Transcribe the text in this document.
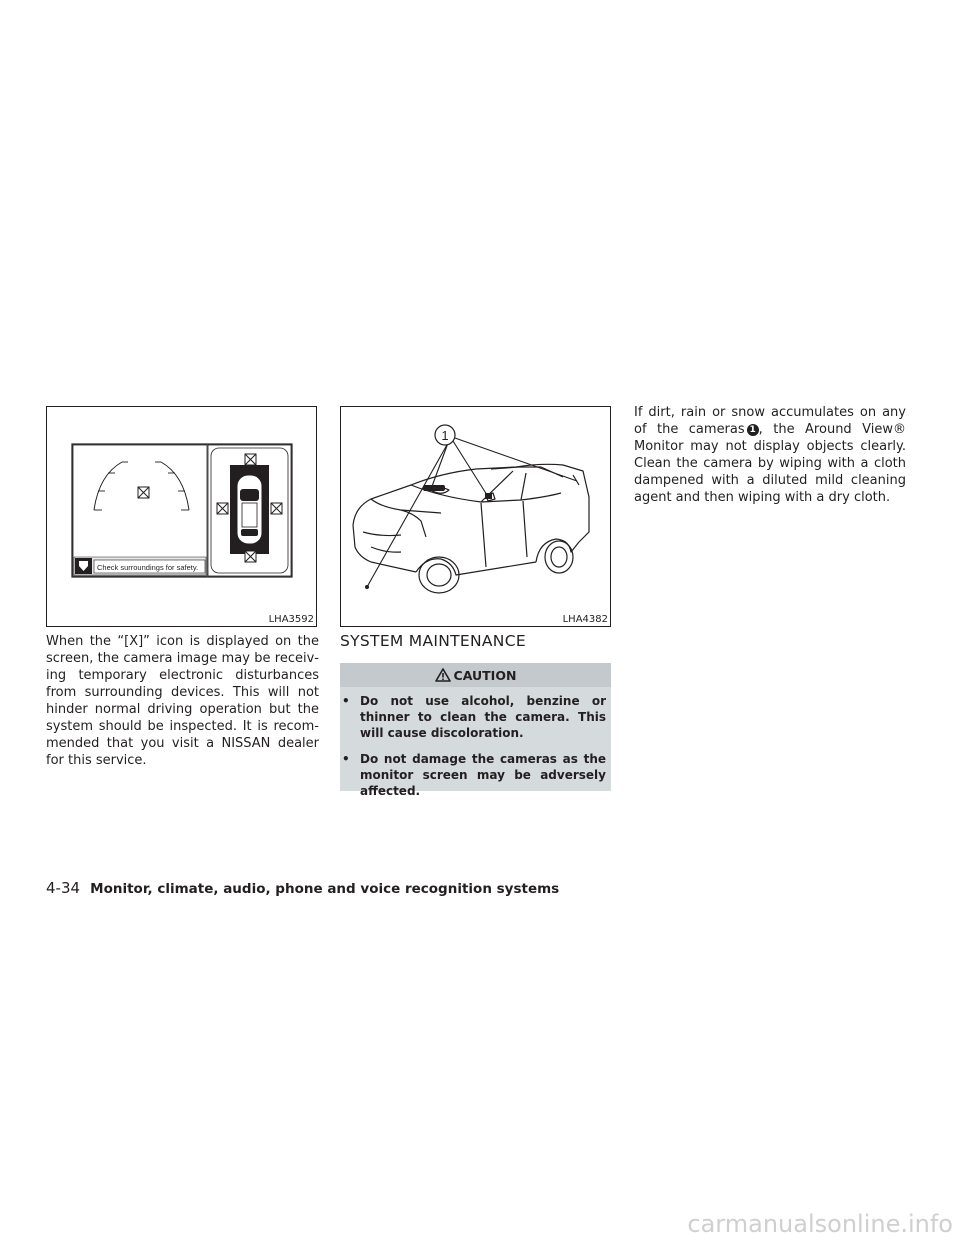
Check surroundings for safety.
LHA3592
1
LHA4382

When the “[X]” icon is displayed on the screen, the camera image may be receiving temporary electronic disturbances from surrounding devices. This will not hinder normal driving operation but the system should be inspected. It is recommended that you visit a NISSAN dealer for this service.

SYSTEM MAINTENANCE
CAUTION
• Do not use alcohol, benzine or thinner to clean the camera. This will cause discoloration.
• Do not damage the cameras as the monitor screen may be adversely affected.

If dirt, rain or snow accumulates on any of the cameras 1 , the Around View® Monitor may not display objects clearly. Clean the camera by wiping with a cloth dampened with a diluted mild cleaning agent and then wiping with a dry cloth.

4-34 Monitor, climate, audio, phone and voice recognition systems
carmanualsonline.info
